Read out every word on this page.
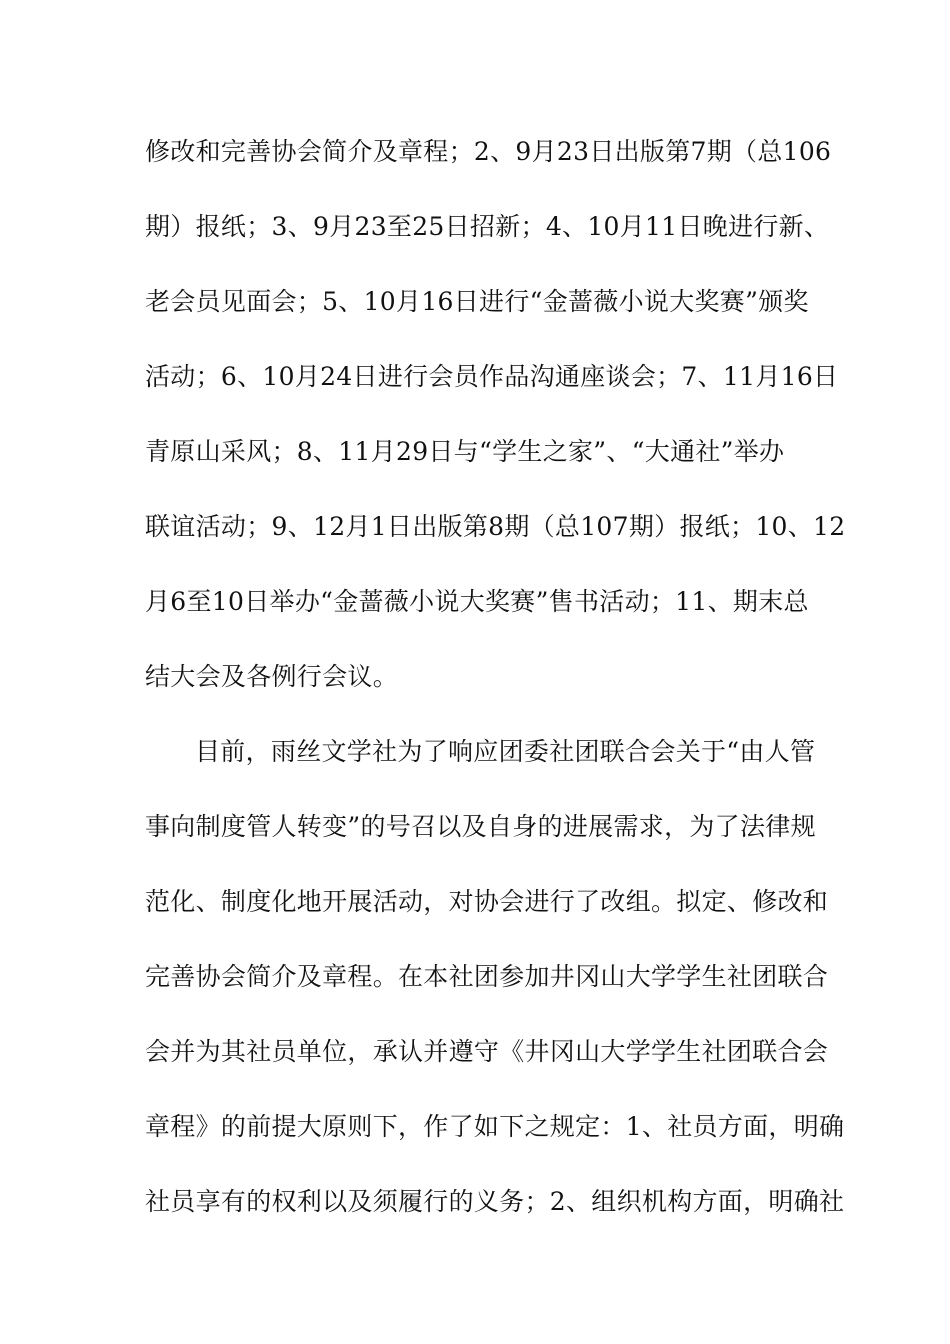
修改和完善协会简介及章程；2、9月23日出版第7期（总106
期）报纸；3、9月23至25日招新；4、10月11日晚进行新、
老会员见面会；5、10月16日进行“金蔷薇小说大奖赛”颁奖
活动；6、10月24日进行会员作品沟通座谈会；7、11月16日
青原山采风；8、11月29日与“学生之家”、“大通社”举办
联谊活动；9、12月1日出版第8期（总107期）报纸；10、12
月6至10日举办“金蔷薇小说大奖赛”售书活动；11、期末总
结大会及各例行会议。
目前，雨丝文学社为了响应团委社团联合会关于“由人管
事向制度管人转变”的号召以及自身的进展需求，为了法律规
范化、制度化地开展活动，对协会进行了改组。拟定、修改和
完善协会简介及章程。在本社团参加井冈山大学学生社团联合
会并为其社员单位，承认并遵守《井冈山大学学生社团联合会
章程》的前提大原则下，作了如下之规定：1、社员方面，明确
社员享有的权利以及须履行的义务；2、组织机构方面，明确社
